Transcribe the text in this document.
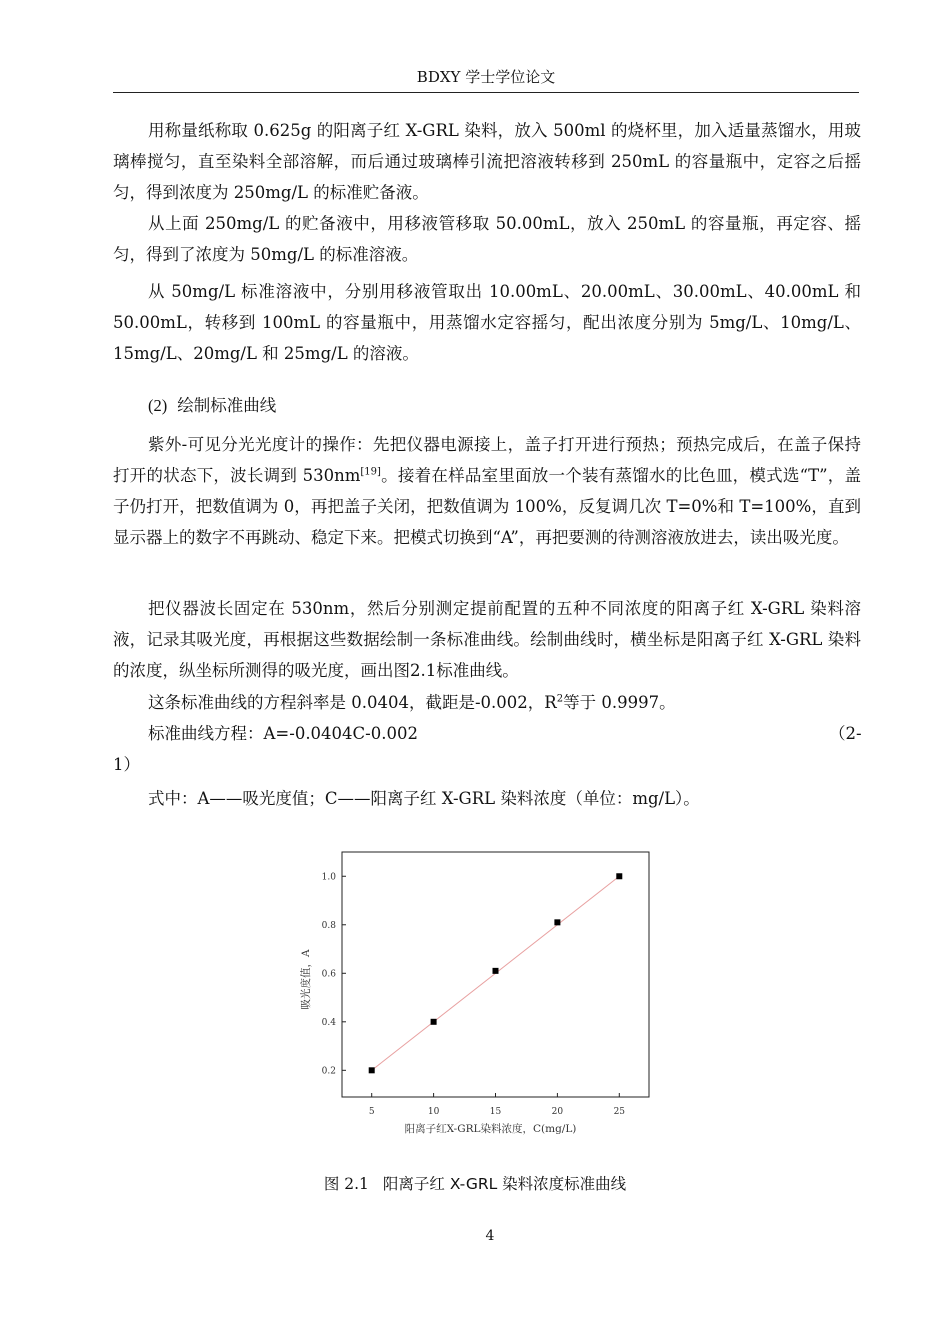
BDXY 学士学位论文

用称量纸称取 0.625g 的阳离子红 X-GRL 染料，放入 500ml 的烧杯里，加入适量蒸馏水，用玻璃棒搅匀，直至染料全部溶解，而后通过玻璃棒引流把溶液转移到 250mL 的容量瓶中，定容之后摇匀，得到浓度为 250mg/L 的标准贮备液。

从上面 250mg/L 的贮备液中，用移液管移取 50.00mL，放入 250mL 的容量瓶，再定容、摇匀，得到了浓度为 50mg/L 的标准溶液。

从 50mg/L 标准溶液中，分别用移液管取出 10.00mL、20.00mL、30.00mL、40.00mL 和 50.00mL，转移到 100mL 的容量瓶中，用蒸馏水定容摇匀，配出浓度分别为 5mg/L、10mg/L、15mg/L、20mg/L 和 25mg/L 的溶液。

(2) 绘制标准曲线

紫外-可见分光光度计的操作：先把仪器电源接上，盖子打开进行预热；预热完成后，在盖子保持打开的状态下，波长调到 530nm[19]。接着在样品室里面放一个装有蒸馏水的比色皿，模式选“T”，盖子仍打开，把数值调为 0，再把盖子关闭，把数值调为 100%，反复调几次 T=0%和 T=100%，直到显示器上的数字不再跳动、稳定下来。把模式切换到“A”，再把要测的待测溶液放进去，读出吸光度。

把仪器波长固定在 530nm，然后分别测定提前配置的五种不同浓度的阳离子红 X-GRL 染料溶液，记录其吸光度，再根据这些数据绘制一条标准曲线。绘制曲线时，横坐标是阳离子红 X-GRL 染料的浓度，纵坐标所测得的吸光度，画出图2.1标准曲线。

这条标准曲线的方程斜率是 0.0404，截距是-0.002，$R^2$等于 0.9997。

标准曲线方程：A=-0.0404C-0.002	（2-
1）

式中：A——吸光度值；C——阳离子红 X-GRL 染料浓度（单位：mg/L）。

5	10	15	20	25
0.2
0.4
0.6
0.8
1.0
阳离子红X-GRL染料浓度，C(mg/L)
吸光度值，A
图 2.1 阳离子红 X-GRL 染料浓度标准曲线
4
